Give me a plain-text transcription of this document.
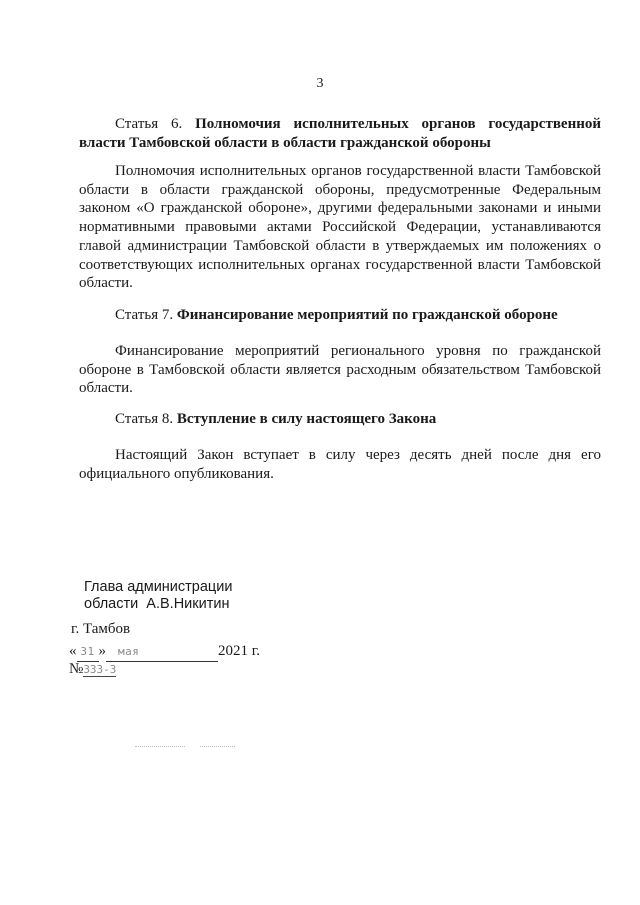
3
Статья 6. Полномочия исполнительных органов государственной власти Тамбовской области в области гражданской обороны
Полномочия исполнительных органов государственной власти Тамбовской области в области гражданской обороны, предусмотренные Федеральным законом «О гражданской обороне», другими федеральными законами и иными нормативными правовыми актами Российской Федерации, устанавливаются главой администрации Тамбовской области в утверждаемых им положениях о соответствующих исполнительных органах государственной власти Тамбовской области.
Статья 7. Финансирование мероприятий по гражданской обороне
Финансирование мероприятий регионального уровня по гражданской обороне в Тамбовской области является расходным обязательством Тамбовской области.
Статья 8. Вступление в силу настоящего Закона
Настоящий Закон вступает в силу через десять дней после дня его официального опубликования.
Глава администрации
области А.В.Никитин
г. Тамбов
« 31 » мая	2021 г.
№333-3
